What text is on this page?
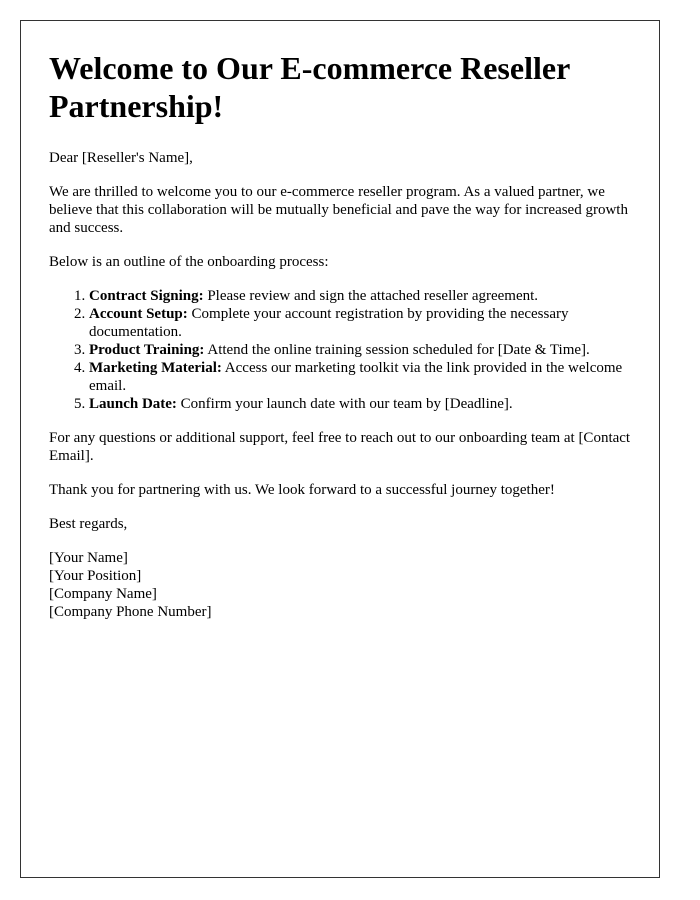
Welcome to Our E-commerce Reseller Partnership!

Dear [Reseller's Name],

We are thrilled to welcome you to our e-commerce reseller program. As a valued partner, we believe that this collaboration will be mutually beneficial and pave the way for increased growth and success.

Below is an outline of the onboarding process:

1. Contract Signing: Please review and sign the attached reseller agreement.
2. Account Setup: Complete your account registration by providing the necessary documentation.
3. Product Training: Attend the online training session scheduled for [Date & Time].
4. Marketing Material: Access our marketing toolkit via the link provided in the welcome email.
5. Launch Date: Confirm your launch date with our team by [Deadline].

For any questions or additional support, feel free to reach out to our onboarding team at [Contact Email].

Thank you for partnering with us. We look forward to a successful journey together!

Best regards,

[Your Name]
[Your Position]
[Company Name]
[Company Phone Number]
